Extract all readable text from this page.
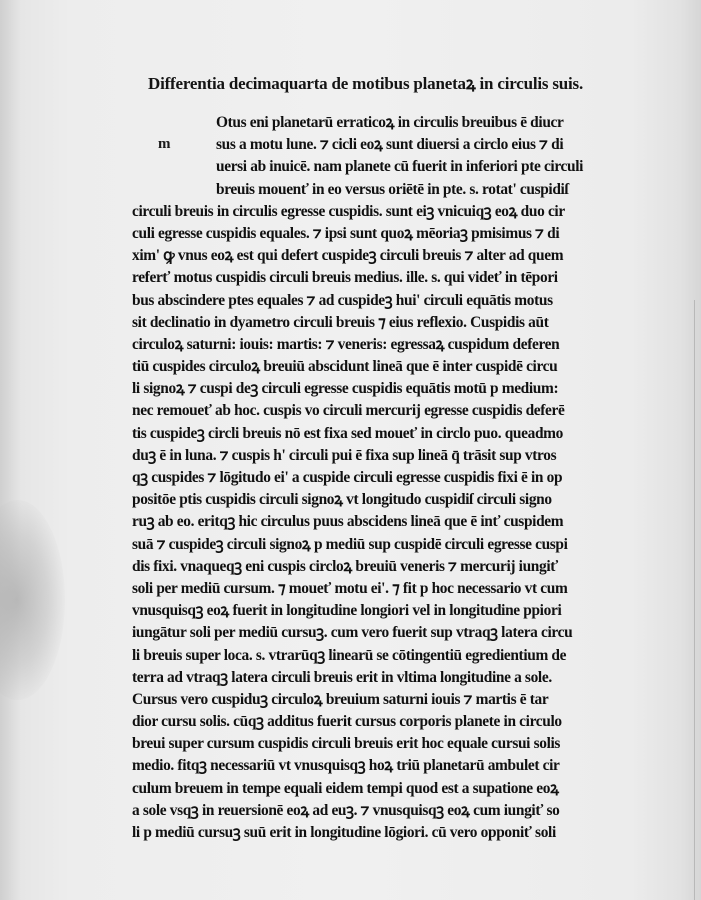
Differentia decimaquarta de motibus planetaꝝ in circulis suis.
m
Otus eni planetarū erraticoꝝ in circulis breuibus ē diucr
sus a motu lune. ⁊ cicli eoꝝ sunt diuersi a circlo eius ⁊ di
uersi ab inuicē. nam planete cū fuerit in inferiori pte circuli
breuis mouenť in eo versus oriētē in pte. s. rotat' cuspidiſ
circuli breuis in circulis egresse cuspidis. sunt eiꝫ vnicuiqꝫ eoꝝ duo cir
culi egresse cuspidis equales. ⁊ ipsi sunt quoꝝ mēoriaꝫ pmisimus ⁊ di
xim' ꝙ vnus eoꝝ est qui defert cuspideꝫ circuli breuis ⁊ alter ad quem
referť motus cuspidis circuli breuis medius. ille. s. qui videť in tēpori
bus abscindere ptes equales ⁊ ad cuspideꝫ hui' circuli equātis motus
sit declinatio in dyametro circuli breuis ⁊ eius reflexio. Cuspidis aūt
circuloꝝ saturni: iouis: martis: ⁊ veneris: egressaꝝ cuspidum deferen
tiū cuspides circuloꝝ breuiū abscidunt lineā que ē inter cuspidē circu
li signoꝝ ⁊ cuspi deꝫ circuli egresse cuspidis equātis motū p medium:
nec remoueť ab hoc. cuspis vo circuli mercurij egresse cuspidis deferē
tis cuspideꝫ circli breuis nō est fixa sed moueť in circlo puo. queadmo
duꝫ ē in luna. ⁊ cuspis h' circuli pui ē fixa sup lineā q̄ trāsit sup vtros
qꝫ cuspides ⁊ lōgitudo ei' a cuspide circuli egresse cuspidis fixi ē in op
positōe ptis cuspidis circuli signoꝝ vt longitudo cuspidiſ circuli signo
ruꝫ ab eo. eritqꝫ hic circulus puus abscidens lineā que ē inť cuspidem
suā ⁊ cuspideꝫ circuli signoꝝ p mediū sup cuspidē circuli egresse cuspi
dis fixi. vnaqueqꝫ eni cuspis circloꝝ breuiū veneris ⁊ mercurij iungiť
soli per mediū cursum. ⁊ moueť motu ei'. ⁊ fit p hoc necessario vt cum
vnusquisqꝫ eoꝝ fuerit in longitudine longiori vel in longitudine ppiori
iungātur soli per mediū cursuꝫ. cum vero fuerit sup vtraqꝫ latera circu
li breuis super loca. s. vtrarūqꝫ linearū se cōtingentiū egredientium de
terra ad vtraqꝫ latera circuli breuis erit in vltima longitudine a sole.
Cursus vero cuspiduꝫ circuloꝝ breuium saturni iouis ⁊ martis ē tar
dior cursu solis. cūqꝫ additus fuerit cursus corporis planete in circulo
breui super cursum cuspidis circuli breuis erit hoc equale cursui solis
medio. fitqꝫ necessariū vt vnusquisqꝫ hoꝝ triū planetarū ambulet cir
culum breuem in tempe equali eidem tempi quod est a supatione eoꝝ
a sole vsqꝫ in reuersionē eoꝝ ad euꝫ. ⁊ vnusquisqꝫ eoꝝ cum iungiť so
li p mediū cursuꝫ suū erit in longitudine lōgiori. cū vero opponiť soli
